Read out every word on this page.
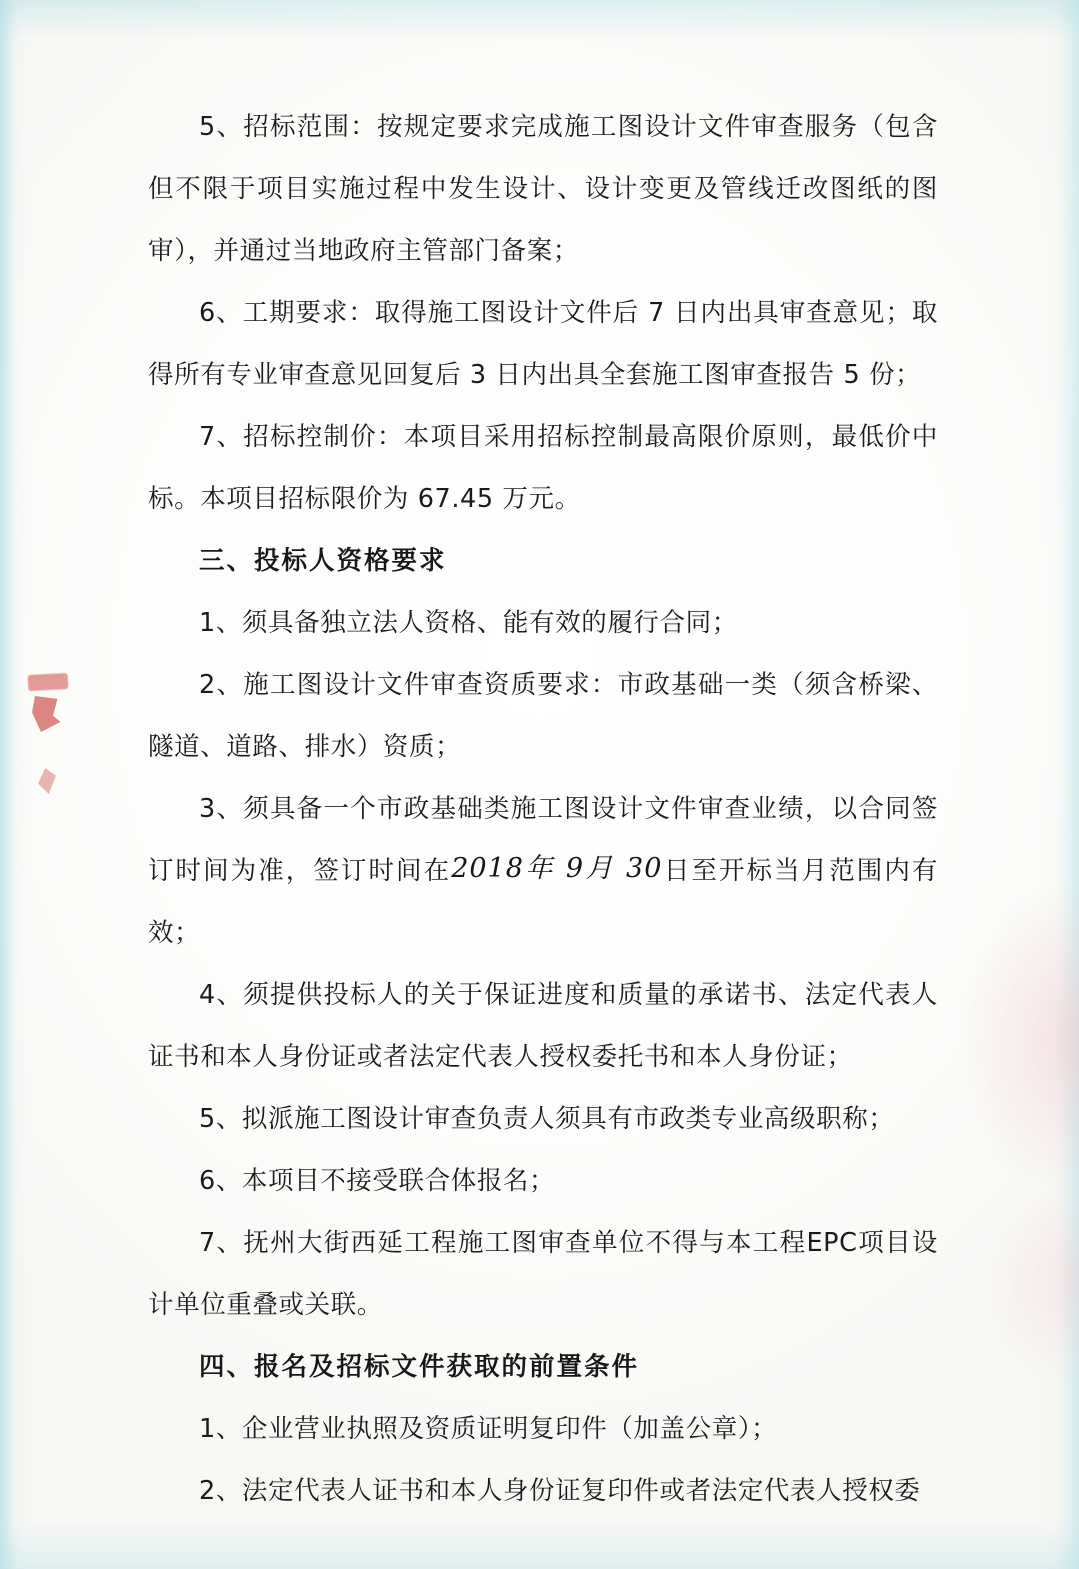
5、招标范围：按规定要求完成施工图设计文件审查服务（包含但不限于项目实施过程中发生设计、设计变更及管线迁改图纸的图审），并通过当地政府主管部门备案；

6、工期要求：取得施工图设计文件后 7 日内出具审查意见；取得所有专业审查意见回复后 3 日内出具全套施工图审查报告 5 份；

7、招标控制价：本项目采用招标控制最高限价原则，最低价中标。本项目招标限价为 67.45 万元。

三、投标人资格要求

1、须具备独立法人资格、能有效的履行合同；

2、施工图设计文件审查资质要求：市政基础一类（须含桥梁、隧道、道路、排水）资质；

3、须具备一个市政基础类施工图设计文件审查业绩，以合同签订时间为准，签订时间在2018年 9月 30日至开标当月范围内有效；

4、须提供投标人的关于保证进度和质量的承诺书、法定代表人证书和本人身份证或者法定代表人授权委托书和本人身份证；

5、拟派施工图设计审查负责人须具有市政类专业高级职称；

6、本项目不接受联合体报名；

7、抚州大街西延工程施工图审查单位不得与本工程EPC项目设计单位重叠或关联。

四、报名及招标文件获取的前置条件

1、企业营业执照及资质证明复印件（加盖公章）；

2、法定代表人证书和本人身份证复印件或者法定代表人授权委
